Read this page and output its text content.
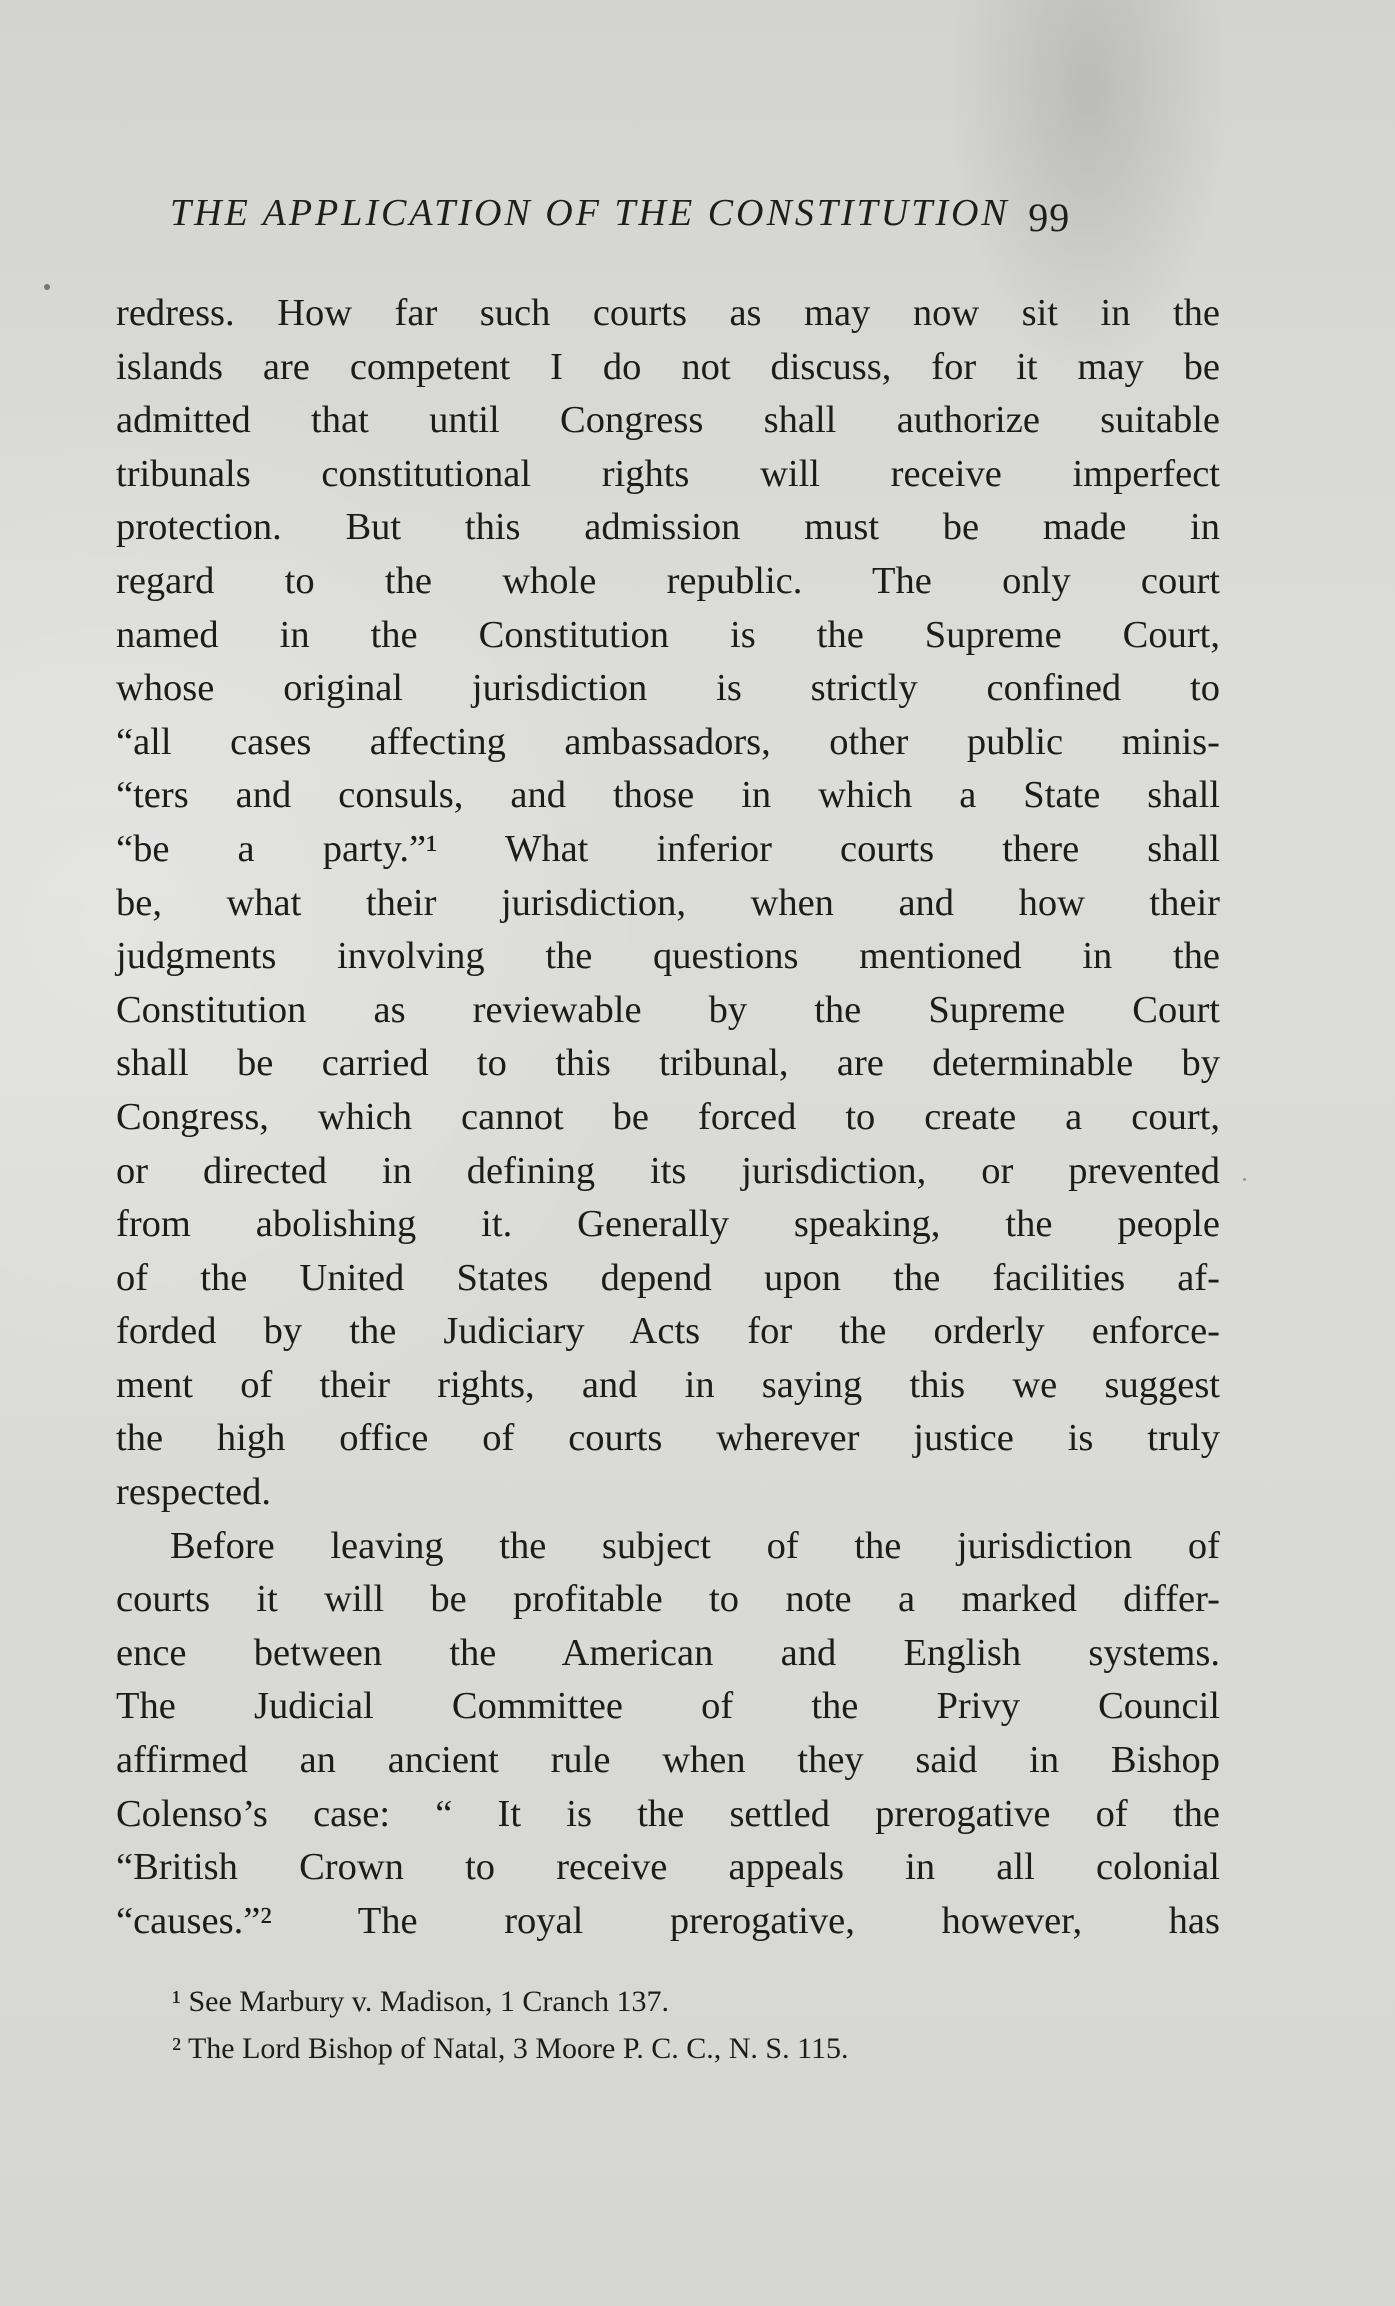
THE APPLICATION OF THE CONSTITUTION 99
redress. How far such courts as may now sit in the
islands are competent I do not discuss, for it may be
admitted that until Congress shall authorize suitable
tribunals constitutional rights will receive imperfect
protection. But this admission must be made in
regard to the whole republic. The only court
named in the Constitution is the Supreme Court,
whose original jurisdiction is strictly confined to
“all cases affecting ambassadors, other public minis-
“ters and consuls, and those in which a State shall
“be a party.”¹ What inferior courts there shall
be, what their jurisdiction, when and how their
judgments involving the questions mentioned in the
Constitution as reviewable by the Supreme Court
shall be carried to this tribunal, are determinable by
Congress, which cannot be forced to create a court,
or directed in defining its jurisdiction, or prevented
from abolishing it. Generally speaking, the people
of the United States depend upon the facilities af-
forded by the Judiciary Acts for the orderly enforce-
ment of their rights, and in saying this we suggest
the high office of courts wherever justice is truly
respected.
Before leaving the subject of the jurisdiction of
courts it will be profitable to note a marked differ-
ence between the American and English systems.
The Judicial Committee of the Privy Council
affirmed an ancient rule when they said in Bishop
Colenso’s case: “ It is the settled prerogative of the
“British Crown to receive appeals in all colonial
“causes.”² The royal prerogative, however, has
¹ See Marbury v. Madison, 1 Cranch 137.
² The Lord Bishop of Natal, 3 Moore P. C. C., N. S. 115.
